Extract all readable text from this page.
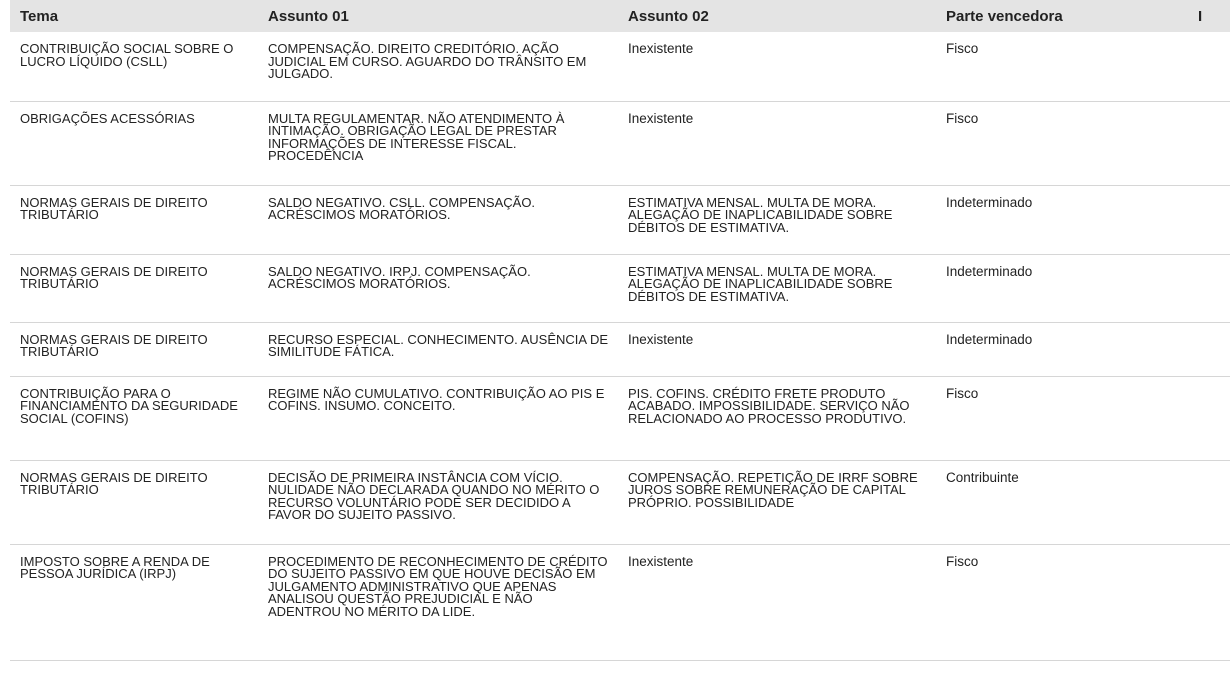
Tema	Assunto 01	Assunto 02	Parte vencedora	I
CONTRIBUIÇÃO SOCIAL SOBRE O LUCRO LÍQUIDO (CSLL)	COMPENSAÇÃO. DIREITO CREDITÓRIO. AÇÃO JUDICIAL EM CURSO. AGUARDO DO TRÂNSITO EM JULGADO.	Inexistente	Fisco	
OBRIGAÇÕES ACESSÓRIAS	MULTA REGULAMENTAR. NÃO ATENDIMENTO À INTIMAÇÃO. OBRIGAÇÃO LEGAL DE PRESTAR INFORMAÇÕES DE INTERESSE FISCAL. PROCEDÊNCIA	Inexistente	Fisco	
NORMAS GERAIS DE DIREITO TRIBUTÁRIO	SALDO NEGATIVO. CSLL. COMPENSAÇÃO. ACRÉSCIMOS MORATÓRIOS.	ESTIMATIVA MENSAL. MULTA DE MORA. ALEGAÇÃO DE INAPLICABILIDADE SOBRE DÉBITOS DE ESTIMATIVA.	Indeterminado	
NORMAS GERAIS DE DIREITO TRIBUTÁRIO	SALDO NEGATIVO. IRPJ. COMPENSAÇÃO. ACRÉSCIMOS MORATÓRIOS.	ESTIMATIVA MENSAL. MULTA DE MORA. ALEGAÇÃO DE INAPLICABILIDADE SOBRE DÉBITOS DE ESTIMATIVA.	Indeterminado	
NORMAS GERAIS DE DIREITO TRIBUTÁRIO	RECURSO ESPECIAL. CONHECIMENTO. AUSÊNCIA DE SIMILITUDE FÁTICA.	Inexistente	Indeterminado	
CONTRIBUIÇÃO PARA O FINANCIAMENTO DA SEGURIDADE SOCIAL (COFINS)	REGIME NÃO CUMULATIVO. CONTRIBUIÇÃO AO PIS E COFINS. INSUMO. CONCEITO.	PIS. COFINS. CRÉDITO FRETE PRODUTO ACABADO. IMPOSSIBILIDADE. SERVIÇO NÃO RELACIONADO AO PROCESSO PRODUTIVO.	Fisco	
NORMAS GERAIS DE DIREITO TRIBUTÁRIO	DECISÃO DE PRIMEIRA INSTÂNCIA COM VÍCIO. NULIDADE NÃO DECLARADA QUANDO NO MÉRITO O RECURSO VOLUNTÁRIO PODE SER DECIDIDO A FAVOR DO SUJEITO PASSIVO.	COMPENSAÇÃO. REPETIÇÃO DE IRRF SOBRE JUROS SOBRE REMUNERAÇÃO DE CAPITAL PRÓPRIO. POSSIBILIDADE	Contribuinte	
IMPOSTO SOBRE A RENDA DE PESSOA JURÍDICA (IRPJ)	PROCEDIMENTO DE RECONHECIMENTO DE CRÉDITO DO SUJEITO PASSIVO EM QUE HOUVE DECISÃO EM JULGAMENTO ADMINISTRATIVO QUE APENAS ANALISOU QUESTÃO PREJUDICIAL E NÃO ADENTROU NO MÉRITO DA LIDE.	Inexistente	Fisco	
